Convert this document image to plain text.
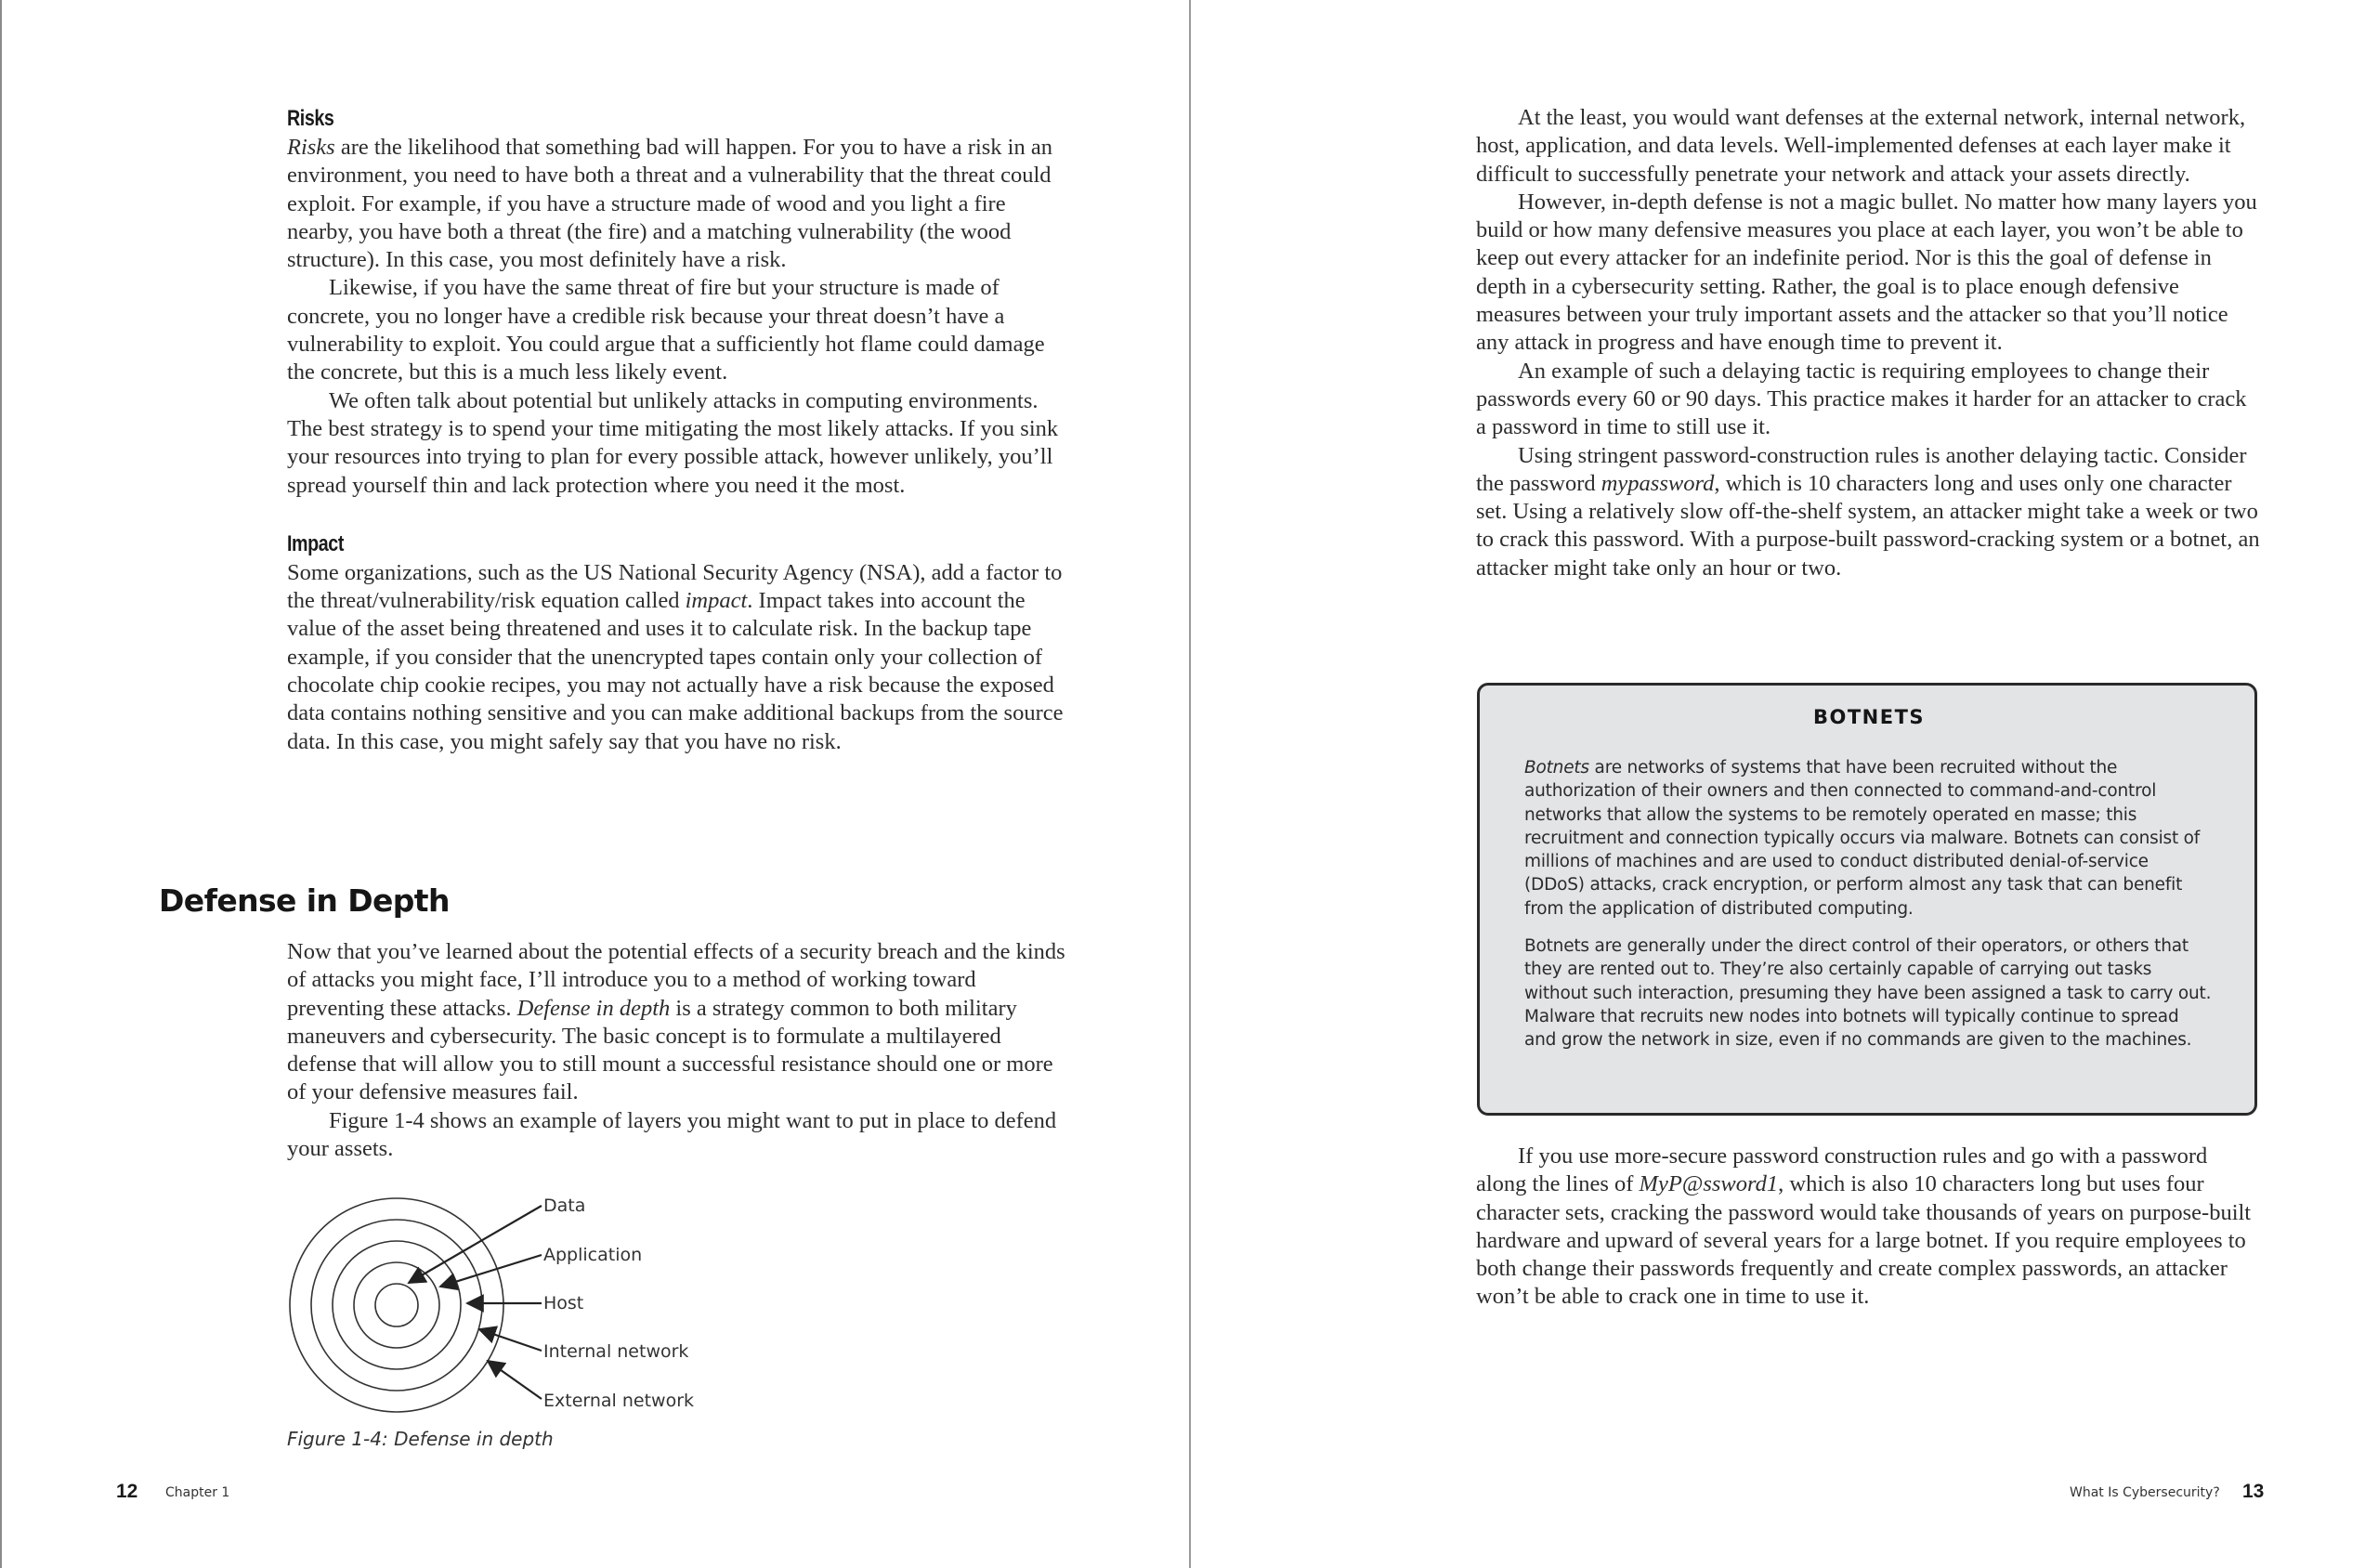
Risks

Risks are the likelihood that something bad will happen. For you to have a risk in an environment, you need to have both a threat and a vulnerability that the threat could exploit. For example, if you have a structure made of wood and you light a fire nearby, you have both a threat (the fire) and a matching vulnerability (the wood structure). In this case, you most definitely have a risk.

Likewise, if you have the same threat of fire but your structure is made of concrete, you no longer have a credible risk because your threat doesn’t have a vulnerability to exploit. You could argue that a sufficiently hot flame could damage the concrete, but this is a much less likely event.

We often talk about potential but unlikely attacks in computing environments. The best strategy is to spend your time mitigating the most likely attacks. If you sink your resources into trying to plan for every possible attack, however unlikely, you’ll spread yourself thin and lack protection where you need it the most.

Impact

Some organizations, such as the US National Security Agency (NSA), add a factor to the threat/vulnerability/risk equation called impact. Impact takes into account the value of the asset being threatened and uses it to calculate risk. In the backup tape example, if you consider that the unencrypted tapes contain only your collection of chocolate chip cookie recipes, you may not actually have a risk because the exposed data contains nothing sensitive and you can make additional backups from the source data. In this case, you might safely say that you have no risk.

Defense in Depth

Now that you’ve learned about the potential effects of a security breach and the kinds of attacks you might face, I’ll introduce you to a method of working toward preventing these attacks. Defense in depth is a strategy common to both military maneuvers and cybersecurity. The basic concept is to formulate a multilayered defense that will allow you to still mount a successful resistance should one or more of your defensive measures fail.

Figure 1-4 shows an example of layers you might want to put in place to defend your assets.

Data
Application
Host
Internal network
External network

Figure 1-4: Defense in depth

12 Chapter 1

At the least, you would want defenses at the external network, internal network, host, application, and data levels. Well-implemented defenses at each layer make it difficult to successfully penetrate your network and attack your assets directly.

However, in-depth defense is not a magic bullet. No matter how many layers you build or how many defensive measures you place at each layer, you won’t be able to keep out every attacker for an indefinite period. Nor is this the goal of defense in depth in a cybersecurity setting. Rather, the goal is to place enough defensive measures between your truly important assets and the attacker so that you’ll notice any attack in progress and have enough time to prevent it.

An example of such a delaying tactic is requiring employees to change their passwords every 60 or 90 days. This practice makes it harder for an attacker to crack a password in time to still use it.

Using stringent password-construction rules is another delaying tactic. Consider the password mypassword, which is 10 characters long and uses only one character set. Using a relatively slow off-the-shelf system, an attacker might take a week or two to crack this password. With a purpose-built password-cracking system or a botnet, an attacker might take only an hour or two.

BOTNETS

Botnets are networks of systems that have been recruited without the authorization of their owners and then connected to command-and-control networks that allow the systems to be remotely operated en masse; this recruitment and connection typically occurs via malware. Botnets can consist of millions of machines and are used to conduct distributed denial-of-service (DDoS) attacks, crack encryption, or perform almost any task that can benefit from the application of distributed computing.

Botnets are generally under the direct control of their operators, or others that they are rented out to. They’re also certainly capable of carrying out tasks without such interaction, presuming they have been assigned a task to carry out. Malware that recruits new nodes into botnets will typically continue to spread and grow the network in size, even if no commands are given to the machines.

If you use more-secure password construction rules and go with a password along the lines of MyP@ssword1, which is also 10 characters long but uses four character sets, cracking the password would take thousands of years on purpose-built hardware and upward of several years for a large botnet. If you require employees to both change their passwords frequently and create complex passwords, an attacker won’t be able to crack one in time to use it.

What Is Cybersecurity? 13
